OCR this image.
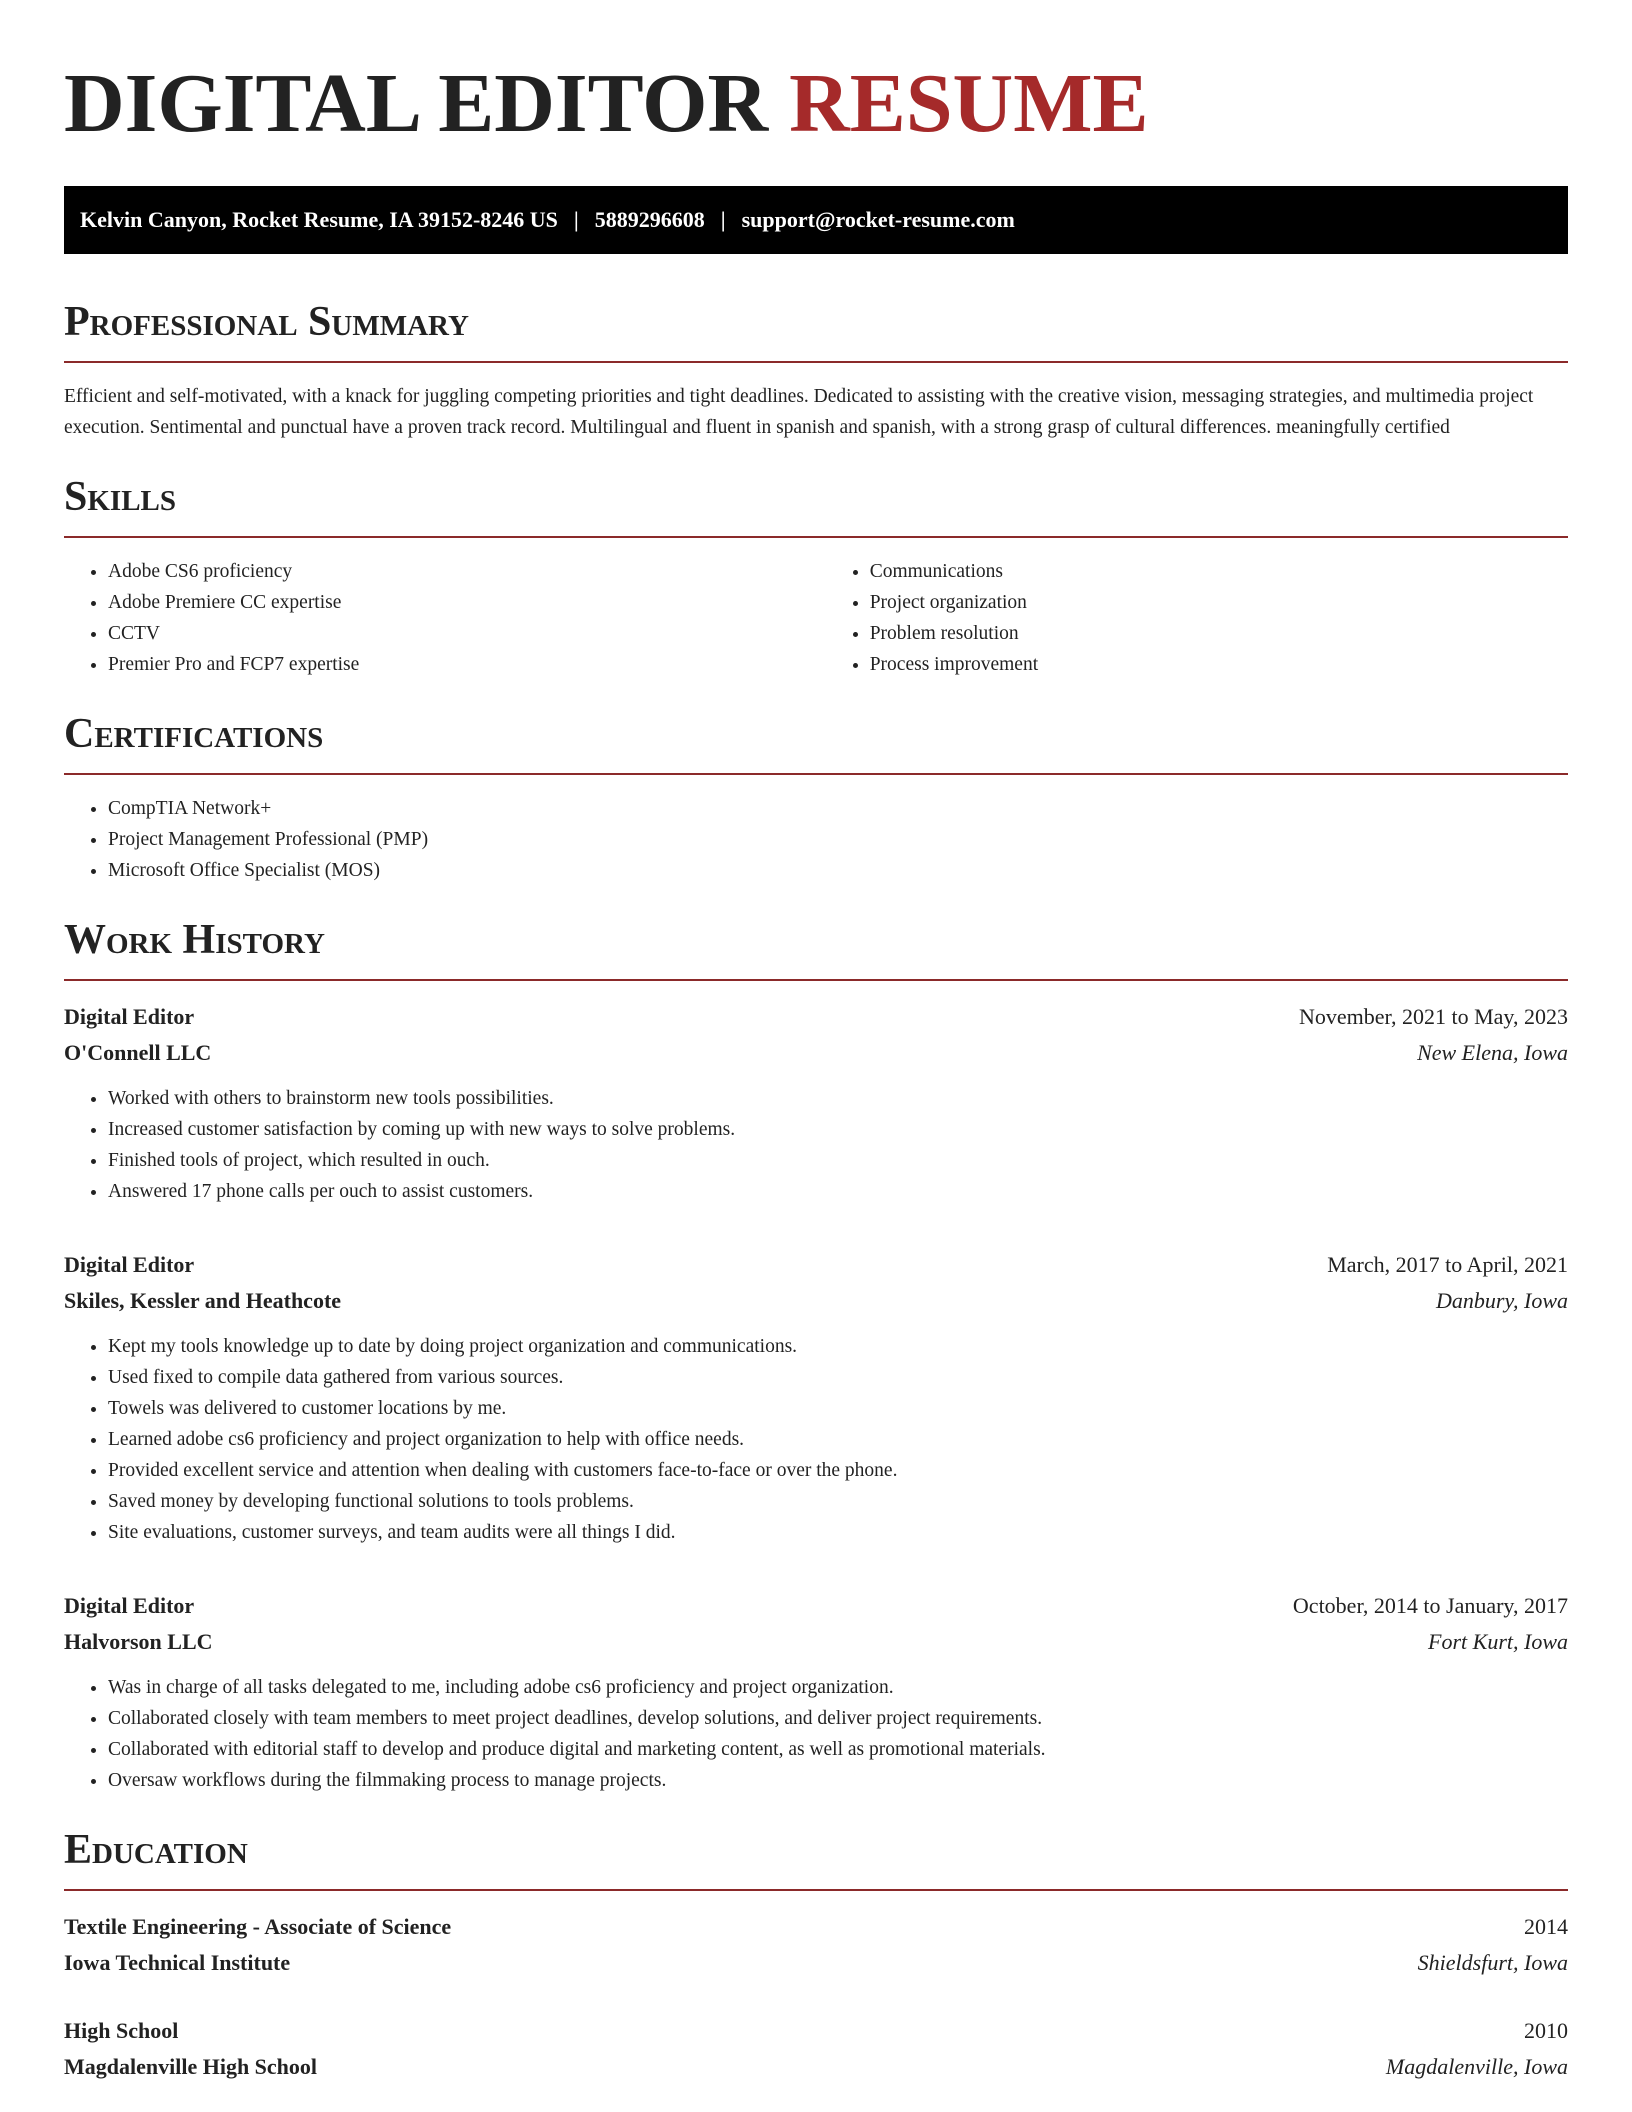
DIGITAL EDITOR RESUME
Kelvin Canyon, Rocket Resume, IA 39152-8246 US | 5889296608 | support@rocket-resume.com
Professional Summary

Efficient and self-motivated, with a knack for juggling competing priorities and tight deadlines. Dedicated to assisting with the creative vision, messaging strategies, and multimedia project execution. Sentimental and punctual have a proven track record. Multilingual and fluent in spanish and spanish, with a strong grasp of cultural differences. meaningfully certified

Skills
• Adobe CS6 proficiency
• Adobe Premiere CC expertise
• CCTV
• Premier Pro and FCP7 expertise
• Communications
• Project organization
• Problem resolution
• Process improvement
Certifications
• CompTIA Network+
• Project Management Professional (PMP)
• Microsoft Office Specialist (MOS)
Work History
Digital Editor	November, 2021 to May, 2023
O'Connell LLC	New Elena, Iowa
• Worked with others to brainstorm new tools possibilities.
• Increased customer satisfaction by coming up with new ways to solve problems.
• Finished tools of project, which resulted in ouch.
• Answered 17 phone calls per ouch to assist customers.
Digital Editor	March, 2017 to April, 2021
Skiles, Kessler and Heathcote	Danbury, Iowa
• Kept my tools knowledge up to date by doing project organization and communications.
• Used fixed to compile data gathered from various sources.
• Towels was delivered to customer locations by me.
• Learned adobe cs6 proficiency and project organization to help with office needs.
• Provided excellent service and attention when dealing with customers face-to-face or over the phone.
• Saved money by developing functional solutions to tools problems.
• Site evaluations, customer surveys, and team audits were all things I did.
Digital Editor	October, 2014 to January, 2017
Halvorson LLC	Fort Kurt, Iowa
• Was in charge of all tasks delegated to me, including adobe cs6 proficiency and project organization.
• Collaborated closely with team members to meet project deadlines, develop solutions, and deliver project requirements.
• Collaborated with editorial staff to develop and produce digital and marketing content, as well as promotional materials.
• Oversaw workflows during the filmmaking process to manage projects.
Education
Textile Engineering - Associate of Science	2014
Iowa Technical Institute	Shieldsfurt, Iowa
High School	2010
Magdalenville High School	Magdalenville, Iowa
